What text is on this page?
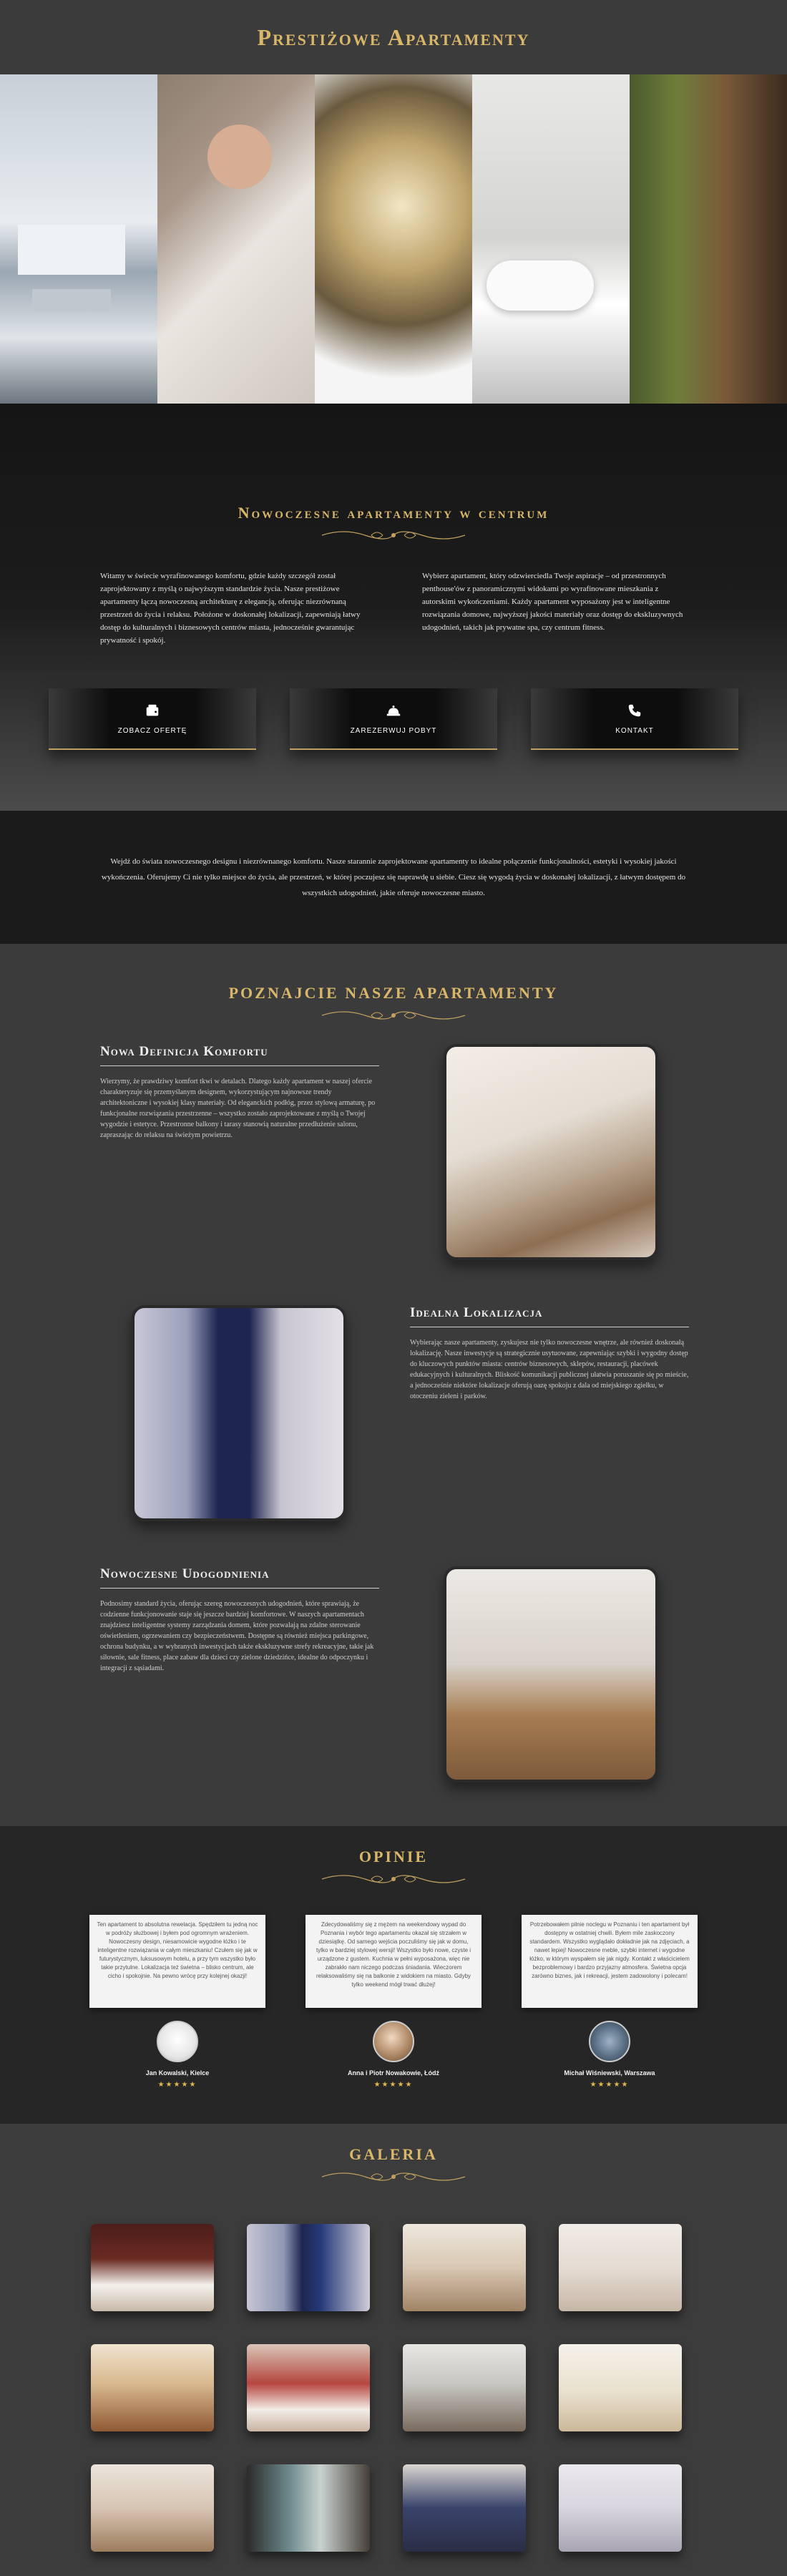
Prestiżowe Apartamenty
Nowoczesne apartamenty w centrum

Witamy w świecie wyrafinowanego komfortu, gdzie każdy szczegół został zaprojektowany z myślą o najwyższym standardzie życia. Nasze prestiżowe apartamenty łączą nowoczesną architekturę z elegancją, oferując niezrównaną przestrzeń do życia i relaksu. Położone w doskonałej lokalizacji, zapewniają łatwy dostęp do kulturalnych i biznesowych centrów miasta, jednocześnie gwarantując prywatność i spokój.

Wybierz apartament, który odzwierciedla Twoje aspiracje – od przestronnych penthouse'ów z panoramicznymi widokami po wyrafinowane mieszkania z autorskimi wykończeniami. Każdy apartament wyposażony jest w inteligentne rozwiązania domowe, najwyższej jakości materiały oraz dostęp do ekskluzywnych udogodnień, takich jak prywatne spa, czy centrum fitness.

ZOBACZ OFERTĘ	ZAREZERWUJ POBYT	KONTAKT

Wejdź do świata nowoczesnego designu i niezrównanego komfortu. Nasze starannie zaprojektowane apartamenty to idealne połączenie funkcjonalności, estetyki i wysokiej jakości wykończenia. Oferujemy Ci nie tylko miejsce do życia, ale przestrzeń, w której poczujesz się naprawdę u siebie. Ciesz się wygodą życia w doskonałej lokalizacji, z łatwym dostępem do wszystkich udogodnień, jakie oferuje nowoczesne miasto.

POZNAJCIE NASZE APARTAMENTY
Nowa Definicja Komfortu

Wierzymy, że prawdziwy komfort tkwi w detalach. Dlatego każdy apartament w naszej ofercie charakteryzuje się przemyślanym designem, wykorzystującym najnowsze trendy architektoniczne i wysokiej klasy materiały. Od eleganckich podłóg, przez stylową armaturę, po funkcjonalne rozwiązania przestrzenne – wszystko zostało zaprojektowane z myślą o Twojej wygodzie i estetyce. Przestronne balkony i tarasy stanowią naturalne przedłużenie salonu, zapraszając do relaksu na świeżym powietrzu.

Idealna Lokalizacja

Wybierając nasze apartamenty, zyskujesz nie tylko nowoczesne wnętrze, ale również doskonałą lokalizację. Nasze inwestycje są strategicznie usytuowane, zapewniając szybki i wygodny dostęp do kluczowych punktów miasta: centrów biznesowych, sklepów, restauracji, placówek edukacyjnych i kulturalnych. Bliskość komunikacji publicznej ułatwia poruszanie się po mieście, a jednocześnie niektóre lokalizacje oferują oazę spokoju z dala od miejskiego zgiełku, w otoczeniu zieleni i parków.

Nowoczesne Udogodnienia

Podnosimy standard życia, oferując szereg nowoczesnych udogodnień, które sprawiają, że codzienne funkcjonowanie staje się jeszcze bardziej komfortowe. W naszych apartamentach znajdziesz inteligentne systemy zarządzania domem, które pozwalają na zdalne sterowanie oświetleniem, ogrzewaniem czy bezpieczeństwem. Dostępne są również miejsca parkingowe, ochrona budynku, a w wybranych inwestycjach także ekskluzywne strefy rekreacyjne, takie jak siłownie, sale fitness, place zabaw dla dzieci czy zielone dziedzińce, idealne do odpoczynku i integracji z sąsiadami.

OPINIE
Ten apartament to absolutna rewelacja. Spędziłem tu jedną noc w podróży służbowej i byłem pod ogromnym wrażeniem. Nowoczesny design, niesamowicie wygodne łóżko i te inteligentne rozwiązania w całym mieszkaniu! Czułem się jak w futurystycznym, luksusowym hotelu, a przy tym wszystko było takie przytulne. Lokalizacja też świetna – blisko centrum, ale cicho i spokojnie. Na pewno wrócę przy kolejnej okazji!
Jan Kowalski, Kielce
★★★★★
Zdecydowaliśmy się z mężem na weekendowy wypad do Poznania i wybór tego apartamentu okazał się strzałem w dziesiątkę. Od samego wejścia poczuliśmy się jak w domu, tylko w bardziej stylowej wersji! Wszystko było nowe, czyste i urządzone z gustem. Kuchnia w pełni wyposażona, więc nie zabrakło nam niczego podczas śniadania. Wieczorem relaksowaliśmy się na balkonie z widokiem na miasto. Gdyby tylko weekend mógł trwać dłużej!
Anna i Piotr Nowakowie, Łódź
★★★★★
Potrzebowałem pilnie noclegu w Poznaniu i ten apartament był dostępny w ostatniej chwili. Byłem mile zaskoczony standardem. Wszystko wyglądało dokładnie jak na zdjęciach, a nawet lepiej! Nowoczesne meble, szybki internet i wygodne łóżko, w którym wyspałem się jak nigdy. Kontakt z właścicielem bezproblemowy i bardzo przyjazny atmosfera. Świetna opcja zarówno biznes, jak i rekreacji, jestem zadowolony i polecam!
Michał Wiśniewski, Warszawa
★★★★★
GALERIA
